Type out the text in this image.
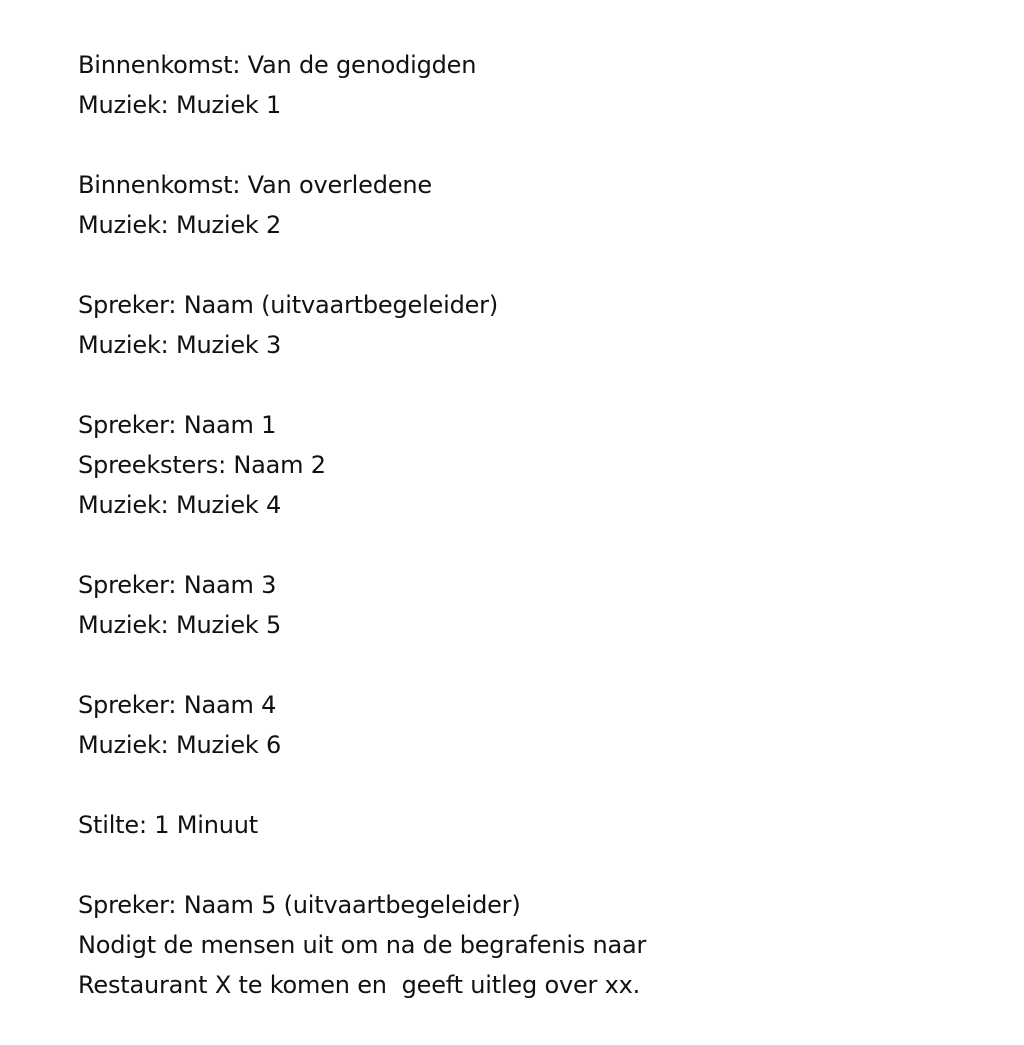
Binnenkomst: Van de genodigden
Muziek: Muziek 1
Binnenkomst: Van overledene
Muziek: Muziek 2
Spreker: Naam (uitvaartbegeleider)
Muziek: Muziek 3
Spreker: Naam 1
Spreeksters: Naam 2
Muziek: Muziek 4
Spreker: Naam 3
Muziek: Muziek 5
Spreker: Naam 4
Muziek: Muziek 6
Stilte: 1 Minuut
Spreker: Naam 5 (uitvaartbegeleider)
Nodigt de mensen uit om na de begrafenis naar
Restaurant X te komen en  geeft uitleg over xx.
